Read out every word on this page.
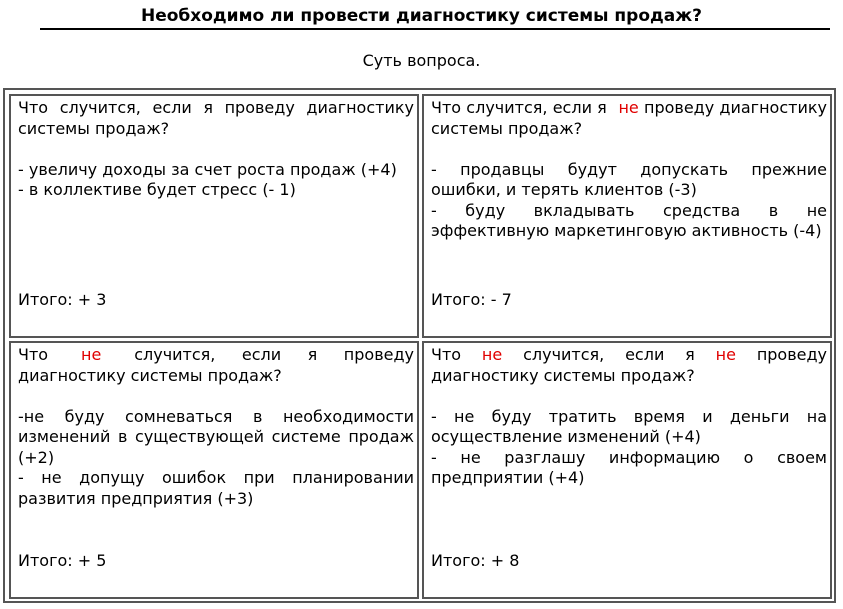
Необходимо ли провести диагностику системы продаж?
Суть вопроса.

Что случится, если я проведу диагностику системы продаж?

- увеличу доходы за счет роста продаж (+4)

- в коллективе будет стресс (- 1)

Итого: + 3

Что случится, если я не проведу диагностику системы продаж?

- продавцы будут допускать прежние ошибки, и терять клиентов (-3)

- буду вкладывать средства в не эффективную маркетинговую активность (-4)

Итого: - 7

Что не случится, если я проведу диагностику системы продаж?

-не буду сомневаться в необходимости изменений в существующей системе продаж (+2)

- не допущу ошибок при планировании развития предприятия (+3)

Итого: + 5

Что не случится, если я не проведу диагностику системы продаж?

- не буду тратить время и деньги на осуществление изменений (+4)

- не разглашу информацию о своем предприятии (+4)

Итого: + 8
